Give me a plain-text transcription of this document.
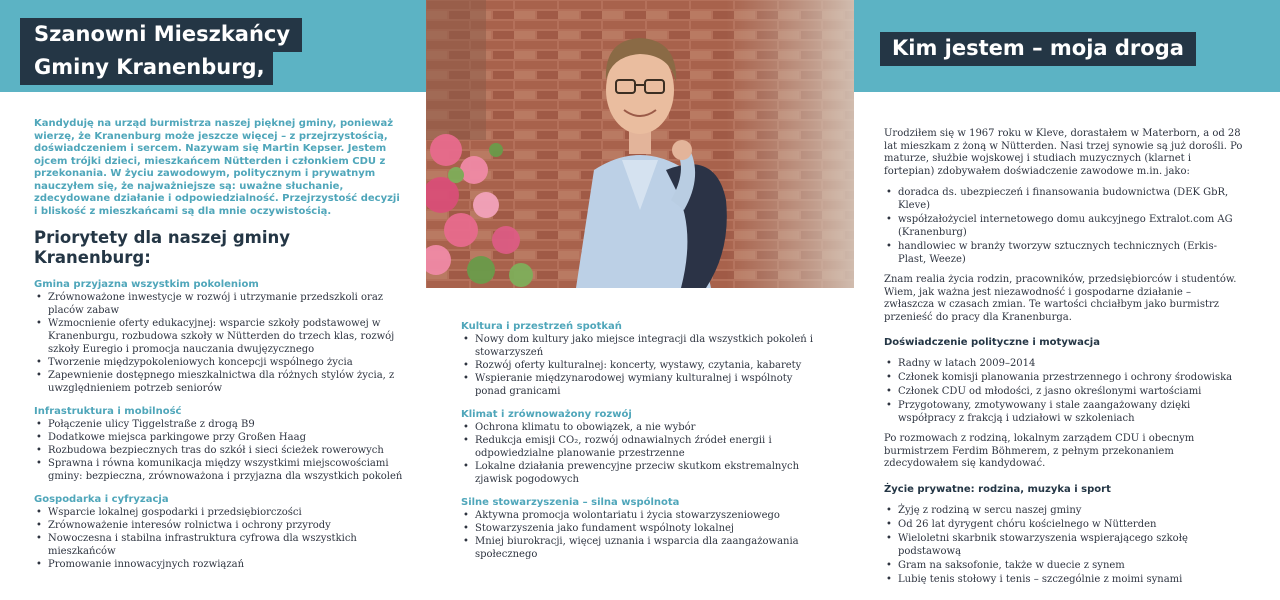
Szanowni Mieszkańcy
Gminy Kranenburg,
Kim jestem – moja droga

Kandyduję na urząd burmistrza naszej pięknej gminy, ponieważ wierzę, że Kranenburg może jeszcze więcej – z przejrzystością, doświadczeniem i sercem. Nazywam się Martin Kepser. Jestem ojcem trójki dzieci, mieszkańcem Nütterden i członkiem CDU z przekonania. W życiu zawodowym, politycznym i prywatnym nauczyłem się, że najważniejsze są: uważne słuchanie, zdecydowane działanie i odpowiedzialność. Przejrzystość decyzji i bliskość z mieszkańcami są dla mnie oczywistością.

Priorytety dla naszej gminy Kranenburg:
Gmina przyjazna wszystkim pokoleniom
• Zrównoważone inwestycje w rozwój i utrzymanie przedszkoli oraz placów zabaw
• Wzmocnienie oferty edukacyjnej: wsparcie szkoły podstawowej w Kranenburgu, rozbudowa szkoły w Nütterden do trzech klas, rozwój szkoły Euregio i promocja nauczania dwujęzycznego
• Tworzenie międzypokoleniowych koncepcji wspólnego życia
• Zapewnienie dostępnego mieszkalnictwa dla różnych stylów życia, z uwzględnieniem potrzeb seniorów
Infrastruktura i mobilność
• Połączenie ulicy Tiggelstraße z drogą B9
• Dodatkowe miejsca parkingowe przy Großen Haag
• Rozbudowa bezpiecznych tras do szkół i sieci ścieżek rowerowych
• Sprawna i równa komunikacja między wszystkimi miejscowościami gminy: bezpieczna, zrównoważona i przyjazna dla wszystkich pokoleń
Gospodarka i cyfryzacja
• Wsparcie lokalnej gospodarki i przedsiębiorczości
• Zrównoważenie interesów rolnictwa i ochrony przyrody
• Nowoczesna i stabilna infrastruktura cyfrowa dla wszystkich mieszkańców
• Promowanie innowacyjnych rozwiązań
Kultura i przestrzeń spotkań
• Nowy dom kultury jako miejsce integracji dla wszystkich pokoleń i stowarzyszeń
• Rozwój oferty kulturalnej: koncerty, wystawy, czytania, kabarety
• Wspieranie międzynarodowej wymiany kulturalnej i wspólnoty ponad granicami
Klimat i zrównoważony rozwój
• Ochrona klimatu to obowiązek, a nie wybór
• Redukcja emisji CO₂, rozwój odnawialnych źródeł energii i odpowiedzialne planowanie przestrzenne
• Lokalne działania prewencyjne przeciw skutkom ekstremalnych zjawisk pogodowych
Silne stowarzyszenia – silna wspólnota
• Aktywna promocja wolontariatu i życia stowarzyszeniowego
• Stowarzyszenia jako fundament wspólnoty lokalnej
• Mniej biurokracji, więcej uznania i wsparcia dla zaangażowania społecznego

Urodziłem się w 1967 roku w Kleve, dorastałem w Materborn, a od 28 lat mieszkam z żoną w Nütterden. Nasi trzej synowie są już dorośli. Po maturze, służbie wojskowej i studiach muzycznych (klarnet i fortepian) zdobywałem doświadczenie zawodowe m.in. jako:

• doradca ds. ubezpieczeń i finansowania budownictwa (DEK GbR, Kleve)
• współzałożyciel internetowego domu aukcyjnego Extralot.com AG (Kranenburg)
• handlowiec w branży tworzyw sztucznych technicznych (Erkis-Plast, Weeze)

Znam realia życia rodzin, pracowników, przedsiębiorców i studentów. Wiem, jak ważna jest niezawodność i gospodarne działanie – zwłaszcza w czasach zmian. Te wartości chciałbym jako burmistrz przenieść do pracy dla Kranenburga.

Doświadczenie polityczne i motywacja
• Radny w latach 2009–2014
• Członek komisji planowania przestrzennego i ochrony środowiska
• Członek CDU od młodości, z jasno określonymi wartościami
• Przygotowany, zmotywowany i stale zaangażowany dzięki współpracy z frakcją i udziałowi w szkoleniach

Po rozmowach z rodziną, lokalnym zarządem CDU i obecnym burmistrzem Ferdim Böhmerem, z pełnym przekonaniem zdecydowałem się kandydować.

Życie prywatne: rodzina, muzyka i sport
• Żyję z rodziną w sercu naszej gminy
• Od 26 lat dyrygent chóru kościelnego w Nütterden
• Wieloletni skarbnik stowarzyszenia wspierającego szkołę podstawową
• Gram na saksofonie, także w duecie z synem
• Lubię tenis stołowy i tenis – szczególnie z moimi synami
